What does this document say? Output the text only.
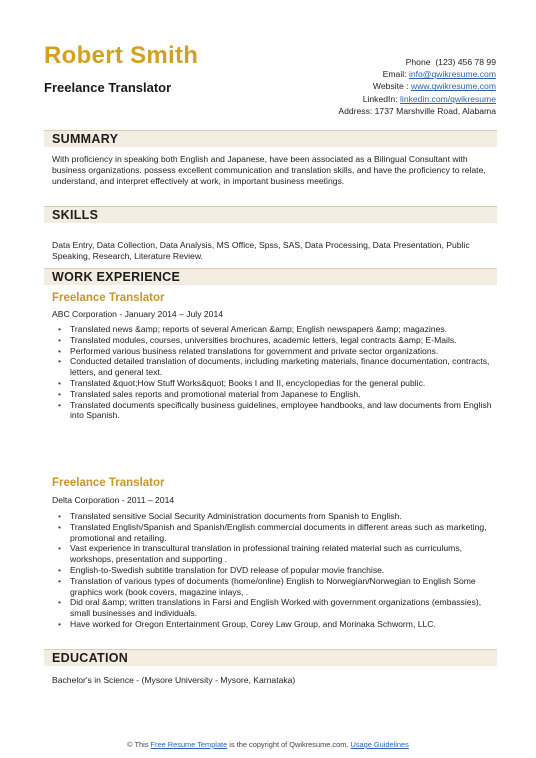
Robert Smith
Freelance Translator
Phone (123) 456 78 99
Email: info@qwikresume.com
Website : www.qwikresume.com
LinkedIn: linkedin.com/qwikresume
Address: 1737 Marshville Road, Alabama
SUMMARY
With proficiency in speaking both English and Japanese, have been associated as a Bilingual Consultant with business organizations. possess excellent communication and translation skills, and have the proficiency to relate, understand, and interpret effectively at work, in important business meetings.
SKILLS
Data Entry, Data Collection, Data Analysis, MS Office, Spss, SAS, Data Processing, Data Presentation, Public Speaking, Research, Literature Review.
WORK EXPERIENCE
Freelance Translator
ABC Corporation - January 2014 – July 2014
• Translated news &amp; reports of several American &amp; English newspapers &amp; magazines.
• Translated modules, courses, universities brochures, academic letters, legal contracts &amp; E-Mails.
• Performed various business related translations for government and private sector organizations.
• Conducted detailed translation of documents, including marketing materials, finance documentation, contracts, letters, and general text.
• Translated &quot;How Stuff Works&quot; Books I and II, encyclopedias for the general public.
• Translated sales reports and promotional material from Japanese to English.
• Translated documents specifically business guidelines, employee handbooks, and law documents from English into Spanish.
Freelance Translator
Delta Corporation - 2011 – 2014
• Translated sensitive Social Security Administration documents from Spanish to English.
• Translated English/Spanish and Spanish/English commercial documents in different areas such as marketing, promotional and retailing.
• Vast experience in transcultural translation in professional training related material such as curriculums, workshops, presentation and supporting .
• English-to-Swedish subtitle translation for DVD release of popular movie franchise.
• Translation of various types of documents (home/online) English to Norwegian/Norwegian to English Some graphics work (book covers, magazine inlays, .
• Did oral &amp; written translations in Farsi and English Worked with government organizations (embassies), small businesses and individuals.
• Have worked for Oregon Entertainment Group, Corey Law Group, and Morinaka Schworm, LLC.
EDUCATION
Bachelor's in Science - (Mysore University - Mysore, Karnataka)
© This Free Resume Template is the copyright of Qwikresume.com. Usage Guidelines
